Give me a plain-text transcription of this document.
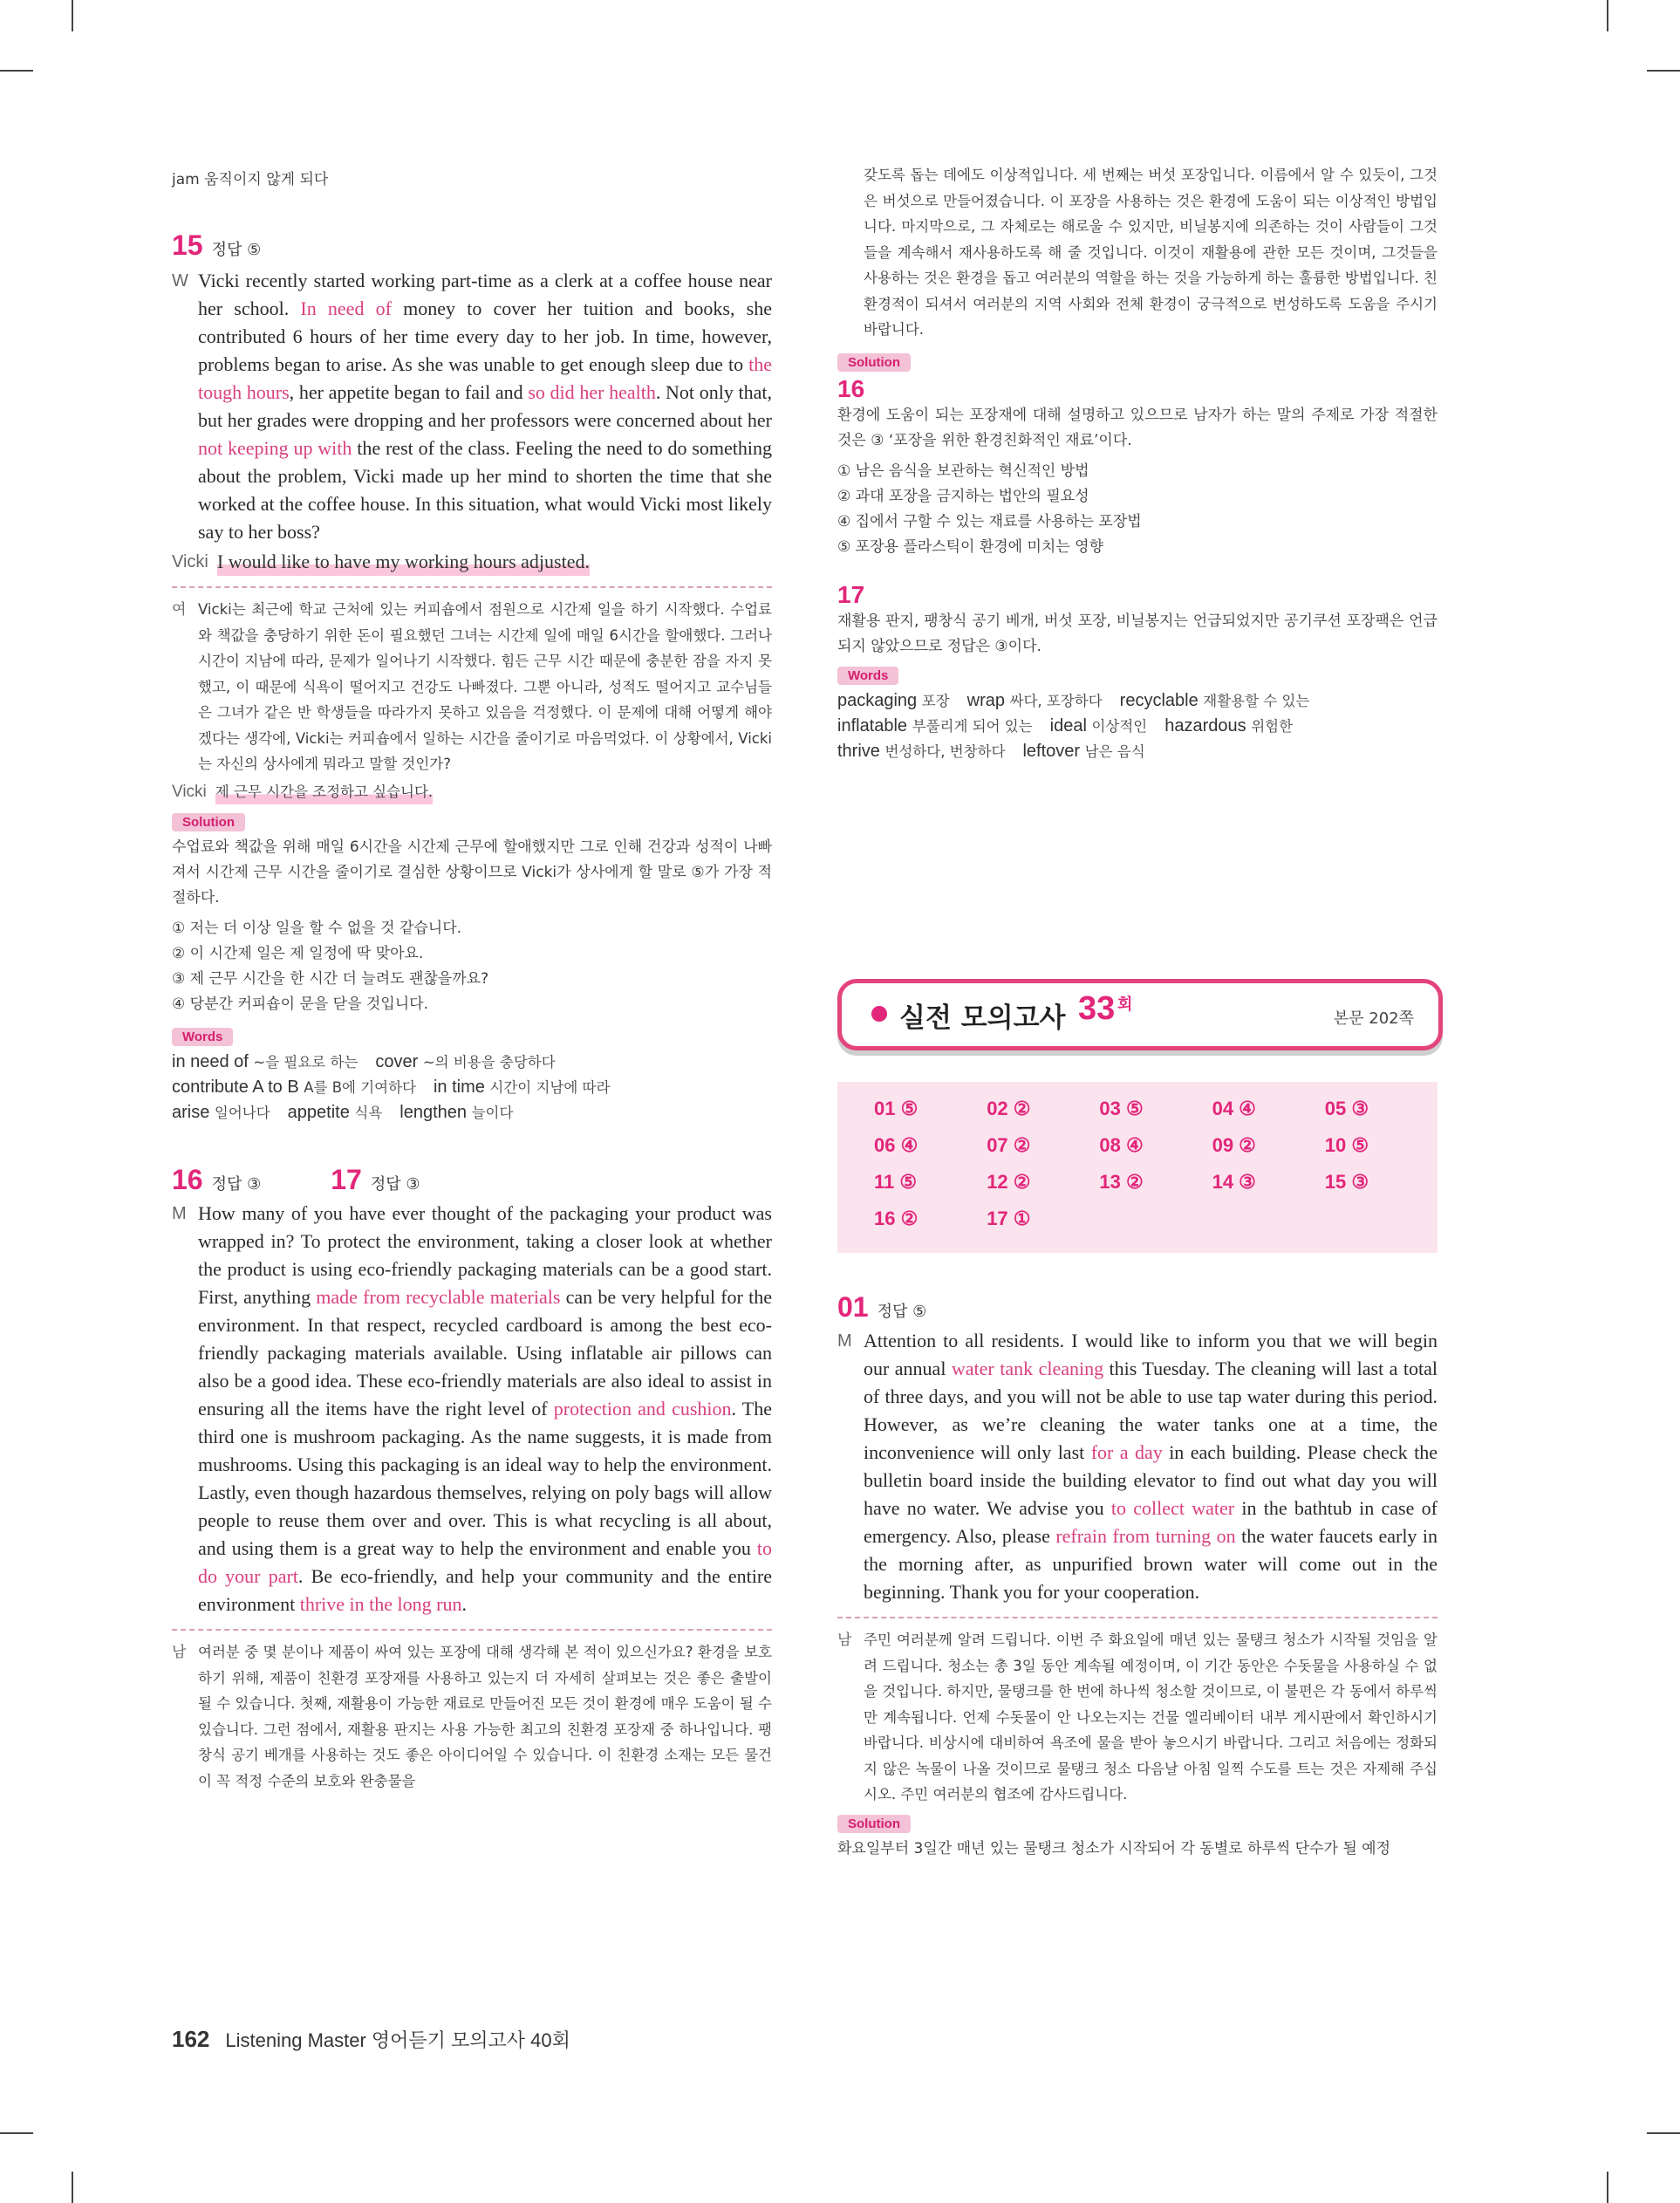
jam 움직이지 않게 되다
15 정답 ⑤
W Vicki recently started working part-time as a clerk at a coffee house near her school. In need of money to cover her tuition and books, she contributed 6 hours of her time every day to her job. In time, however, problems began to arise. As she was unable to get enough sleep due to the tough hours, her appetite began to fail and so did her health. Not only that, but her grades were dropping and her professors were concerned about her not keeping up with the rest of the class. Feeling the need to do something about the problem, Vicki made up her mind to shorten the time that she worked at the coffee house. In this situation, what would Vicki most likely say to her boss?
Vicki I would like to have my working hours adjusted.
여 Vicki는 최근에 학교 근처에 있는 커피숍에서 점원으로 시간제 일을 하기 시작했다. 수업료와 책값을 충당하기 위한 돈이 필요했던 그녀는 시간제 일에 매일 6시간을 할애했다. 그러나 시간이 지남에 따라, 문제가 일어나기 시작했다. 힘든 근무 시간 때문에 충분한 잠을 자지 못했고, 이 때문에 식욕이 떨어지고 건강도 나빠졌다. 그뿐 아니라, 성적도 떨어지고 교수님들은 그녀가 같은 반 학생들을 따라가지 못하고 있음을 걱정했다. 이 문제에 대해 어떻게 해야겠다는 생각에, Vicki는 커피숍에서 일하는 시간을 줄이기로 마음먹었다. 이 상황에서, Vicki는 자신의 상사에게 뭐라고 말할 것인가?
Vicki 제 근무 시간을 조정하고 싶습니다.
Solution
수업료와 책값을 위해 매일 6시간을 시간제 근무에 할애했지만 그로 인해 건강과 성적이 나빠져서 시간제 근무 시간을 줄이기로 결심한 상황이므로 Vicki가 상사에게 할 말로 ⑤가 가장 적절하다.
① 저는 더 이상 일을 할 수 없을 것 같습니다.
② 이 시간제 일은 제 일정에 딱 맞아요.
③ 제 근무 시간을 한 시간 더 늘려도 괜찮을까요?
④ 당분간 커피숍이 문을 닫을 것입니다.
Words
in need of ~을 필요로 하는  cover ~의 비용을 충당하다
contribute A to B A를 B에 기여하다  in time 시간이 지남에 따라
arise 일어나다  appetite 식욕  lengthen 늘이다
16 정답 ③	17 정답 ③
M How many of you have ever thought of the packaging your product was wrapped in? To protect the environment, taking a closer look at whether the product is using eco-friendly packaging materials can be a good start. First, anything made from recyclable materials can be very helpful for the environment. In that respect, recycled cardboard is among the best eco-friendly packaging materials available. Using inflatable air pillows can also be a good idea. These eco-friendly materials are also ideal to assist in ensuring all the items have the right level of protection and cushion. The third one is mushroom packaging. As the name suggests, it is made from mushrooms. Using this packaging is an ideal way to help the environment. Lastly, even though hazardous themselves, relying on poly bags will allow people to reuse them over and over. This is what recycling is all about, and using them is a great way to help the environment and enable you to do your part. Be eco-friendly, and help your community and the entire environment thrive in the long run.
남 여러분 중 몇 분이나 제품이 싸여 있는 포장에 대해 생각해 본 적이 있으신가요? 환경을 보호하기 위해, 제품이 친환경 포장재를 사용하고 있는지 더 자세히 살펴보는 것은 좋은 출발이 될 수 있습니다. 첫째, 재활용이 가능한 재료로 만들어진 모든 것이 환경에 매우 도움이 될 수 있습니다. 그런 점에서, 재활용 판지는 사용 가능한 최고의 친환경 포장재 중 하나입니다. 팽창식 공기 베개를 사용하는 것도 좋은 아이디어일 수 있습니다. 이 친환경 소재는 모든 물건이 꼭 적정 수준의 보호와 완충물을
갖도록 돕는 데에도 이상적입니다. 세 번째는 버섯 포장입니다. 이름에서 알 수 있듯이, 그것은 버섯으로 만들어졌습니다. 이 포장을 사용하는 것은 환경에 도움이 되는 이상적인 방법입니다. 마지막으로, 그 자체로는 해로울 수 있지만, 비닐봉지에 의존하는 것이 사람들이 그것들을 계속해서 재사용하도록 해 줄 것입니다. 이것이 재활용에 관한 모든 것이며, 그것들을 사용하는 것은 환경을 돕고 여러분의 역할을 하는 것을 가능하게 하는 훌륭한 방법입니다. 친환경적이 되셔서 여러분의 지역 사회와 전체 환경이 궁극적으로 번성하도록 도움을 주시기 바랍니다.
Solution
16
환경에 도움이 되는 포장재에 대해 설명하고 있으므로 남자가 하는 말의 주제로 가장 적절한 것은 ③ ‘포장을 위한 환경친화적인 재료’이다.
① 남은 음식을 보관하는 혁신적인 방법
② 과대 포장을 금지하는 법안의 필요성
④ 집에서 구할 수 있는 재료를 사용하는 포장법
⑤ 포장용 플라스틱이 환경에 미치는 영향
17
재활용 판지, 팽창식 공기 베개, 버섯 포장, 비닐봉지는 언급되었지만 공기쿠션 포장팩은 언급되지 않았으므로 정답은 ③이다.
Words
packaging 포장  wrap 싸다, 포장하다  recyclable 재활용할 수 있는
inflatable 부풀리게 되어 있는  ideal 이상적인  hazardous 위험한
thrive 번성하다, 번창하다  leftover 남은 음식
실전 모의고사 33 회
본문 202쪽
01 ⑤	02 ②	03 ⑤	04 ④	05 ③
06 ④	07 ②	08 ④	09 ②	10 ⑤
11 ⑤	12 ②	13 ②	14 ③	15 ③
16 ②	17 ①
01 정답 ⑤
M Attention to all residents. I would like to inform you that we will begin our annual water tank cleaning this Tuesday. The cleaning will last a total of three days, and you will not be able to use tap water during this period. However, as we’re cleaning the water tanks one at a time, the inconvenience will only last for a day in each building. Please check the bulletin board inside the building elevator to find out what day you will have no water. We advise you to collect water in the bathtub in case of emergency. Also, please refrain from turning on the water faucets early in the morning after, as unpurified brown water will come out in the beginning. Thank you for your cooperation.
남 주민 여러분께 알려 드립니다. 이번 주 화요일에 매년 있는 물탱크 청소가 시작될 것임을 알려 드립니다. 청소는 총 3일 동안 계속될 예정이며, 이 기간 동안은 수돗물을 사용하실 수 없을 것입니다. 하지만, 물탱크를 한 번에 하나씩 청소할 것이므로, 이 불편은 각 동에서 하루씩만 계속됩니다. 언제 수돗물이 안 나오는지는 건물 엘리베이터 내부 게시판에서 확인하시기 바랍니다. 비상시에 대비하여 욕조에 물을 받아 놓으시기 바랍니다. 그리고 처음에는 정화되지 않은 녹물이 나올 것이므로 물탱크 청소 다음날 아침 일찍 수도를 트는 것은 자제해 주십시오. 주민 여러분의 협조에 감사드립니다.
Solution
화요일부터 3일간 매년 있는 물탱크 청소가 시작되어 각 동별로 하루씩 단수가 될 예정
162 Listening Master 영어듣기 모의고사 40회
